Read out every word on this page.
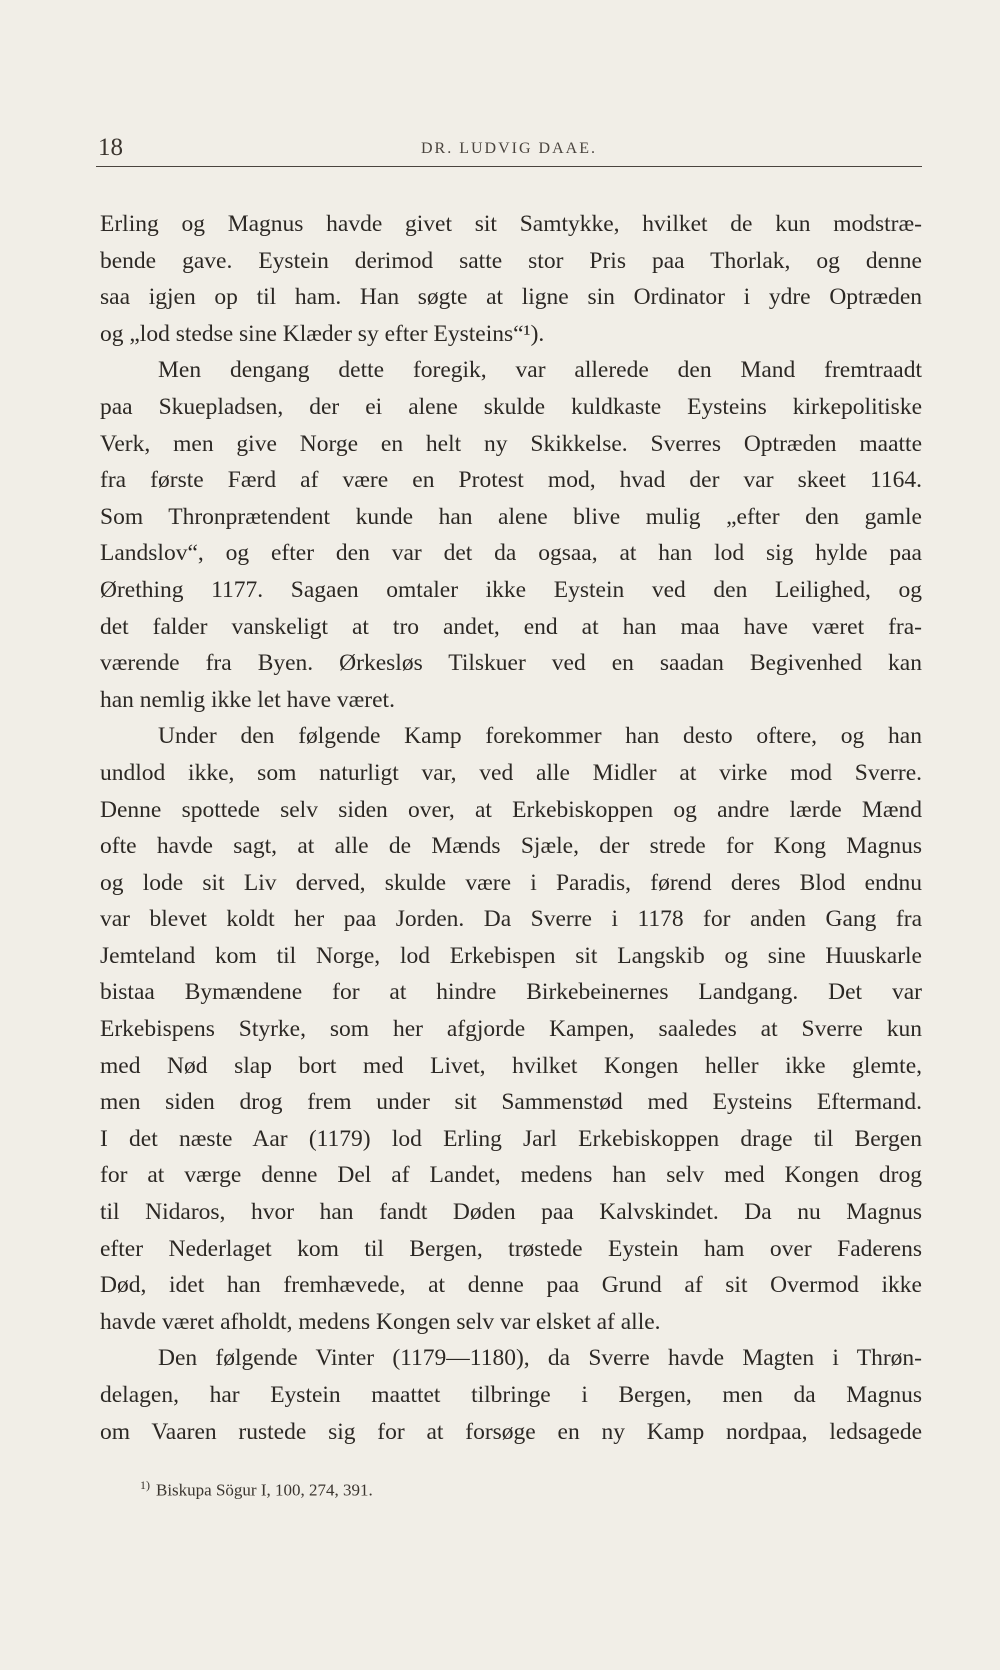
18	DR. LUDVIG DAAE.
Erling og Magnus havde givet sit Samtykke, hvilket de kun modstræ-
bende gave. Eystein derimod satte stor Pris paa Thorlak, og denne
saa igjen op til ham. Han søgte at ligne sin Ordinator i ydre Optræden
og „lod stedse sine Klæder sy efter Eysteins“¹).
Men dengang dette foregik, var allerede den Mand fremtraadt
paa Skuepladsen, der ei alene skulde kuldkaste Eysteins kirkepolitiske
Verk, men give Norge en helt ny Skikkelse. Sverres Optræden maatte
fra første Færd af være en Protest mod, hvad der var skeet 1164.
Som Thronprætendent kunde han alene blive mulig „efter den gamle
Landslov“, og efter den var det da ogsaa, at han lod sig hylde paa
Ørething 1177. Sagaen omtaler ikke Eystein ved den Leilighed, og
det falder vanskeligt at tro andet, end at han maa have været fra-
værende fra Byen. Ørkesløs Tilskuer ved en saadan Begivenhed kan
han nemlig ikke let have været.
Under den følgende Kamp forekommer han desto oftere, og han
undlod ikke, som naturligt var, ved alle Midler at virke mod Sverre.
Denne spottede selv siden over, at Erkebiskoppen og andre lærde Mænd
ofte havde sagt, at alle de Mænds Sjæle, der strede for Kong Magnus
og lode sit Liv derved, skulde være i Paradis, førend deres Blod endnu
var blevet koldt her paa Jorden. Da Sverre i 1178 for anden Gang fra
Jemteland kom til Norge, lod Erkebispen sit Langskib og sine Huuskarle
bistaa Bymændene for at hindre Birkebeinernes Landgang. Det var
Erkebispens Styrke, som her afgjorde Kampen, saaledes at Sverre kun
med Nød slap bort med Livet, hvilket Kongen heller ikke glemte,
men siden drog frem under sit Sammenstød med Eysteins Eftermand.
I det næste Aar (1179) lod Erling Jarl Erkebiskoppen drage til Bergen
for at værge denne Del af Landet, medens han selv med Kongen drog
til Nidaros, hvor han fandt Døden paa Kalvskindet. Da nu Magnus
efter Nederlaget kom til Bergen, trøstede Eystein ham over Faderens
Død, idet han fremhævede, at denne paa Grund af sit Overmod ikke
havde været afholdt, medens Kongen selv var elsket af alle.
Den følgende Vinter (1179—1180), da Sverre havde Magten i Thrøn-
delagen, har Eystein maattet tilbringe i Bergen, men da Magnus
om Vaaren rustede sig for at forsøge en ny Kamp nordpaa, ledsagede
$^{1)}$ Biskupa Sögur I, 100, 274, 391.
